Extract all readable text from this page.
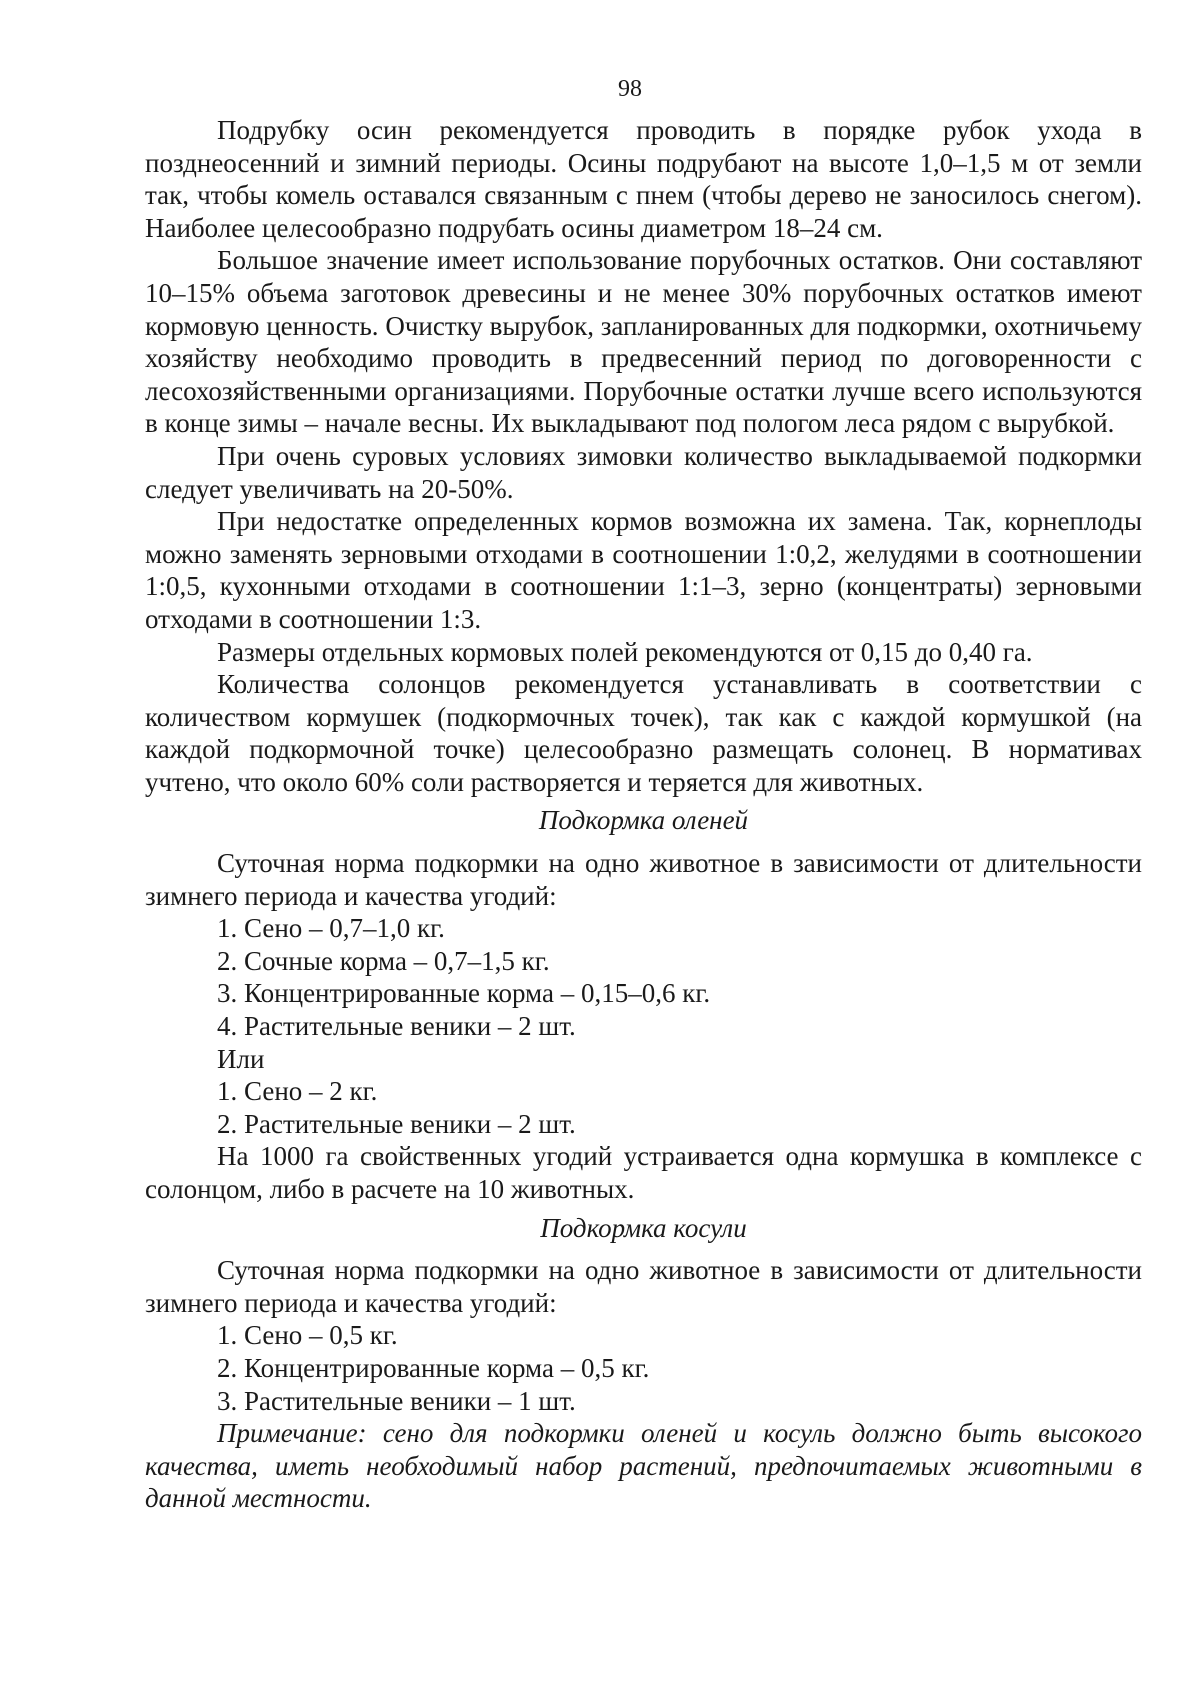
98

Подрубку осин рекомендуется проводить в порядке рубок ухода в позднеосенний и зимний периоды. Осины подрубают на высоте 1,0–1,5 м от земли так, чтобы комель оставался связанным с пнем (чтобы дерево не заносилось снегом). Наиболее целесообразно подрубать осины диаметром 18–24 см.

Большое значение имеет использование порубочных остатков. Они составляют 10–15% объема заготовок древесины и не менее 30% порубочных остатков имеют кормовую ценность. Очистку вырубок, запланированных для подкормки, охотничьему хозяйству необходимо проводить в предвесенний период по договоренности с лесохозяйственными организациями. Порубочные остатки лучше всего используются в конце зимы – начале весны. Их выкладывают под пологом леса рядом с вырубкой.

При очень суровых условиях зимовки количество выкладываемой подкормки следует увеличивать на 20-50%.

При недостатке определенных кормов возможна их замена. Так, корнеплоды можно заменять зерновыми отходами в соотношении 1:0,2, желудями в соотношении 1:0,5, кухонными отходами в соотношении 1:1–3, зерно (концентраты) зерновыми отходами в соотношении 1:3.

Размеры отдельных кормовых полей рекомендуются от 0,15 до 0,40 га.

Количества солонцов рекомендуется устанавливать в соответствии с количеством кормушек (подкормочных точек), так как с каждой кормушкой (на каждой подкормочной точке) целесообразно размещать солонец. В нормативах учтено, что около 60% соли растворяется и теряется для животных.

Подкормка оленей

Суточная норма подкормки на одно животное в зависимости от длительности зимнего периода и качества угодий:

1. Сено – 0,7–1,0 кг.

2. Сочные корма – 0,7–1,5 кг.

3. Концентрированные корма – 0,15–0,6 кг.

4. Растительные веники – 2 шт.

Или

1. Сено – 2 кг.

2. Растительные веники – 2 шт.

На 1000 га свойственных угодий устраивается одна кормушка в комплексе с солонцом, либо в расчете на 10 животных.

Подкормка косули

Суточная норма подкормки на одно животное в зависимости от длительности зимнего периода и качества угодий:

1. Сено – 0,5 кг.

2. Концентрированные корма – 0,5 кг.

3. Растительные веники – 1 шт.

Примечание: сено для подкормки оленей и косуль должно быть высокого качества, иметь необходимый набор растений, предпочитаемых животными в данной местности.
